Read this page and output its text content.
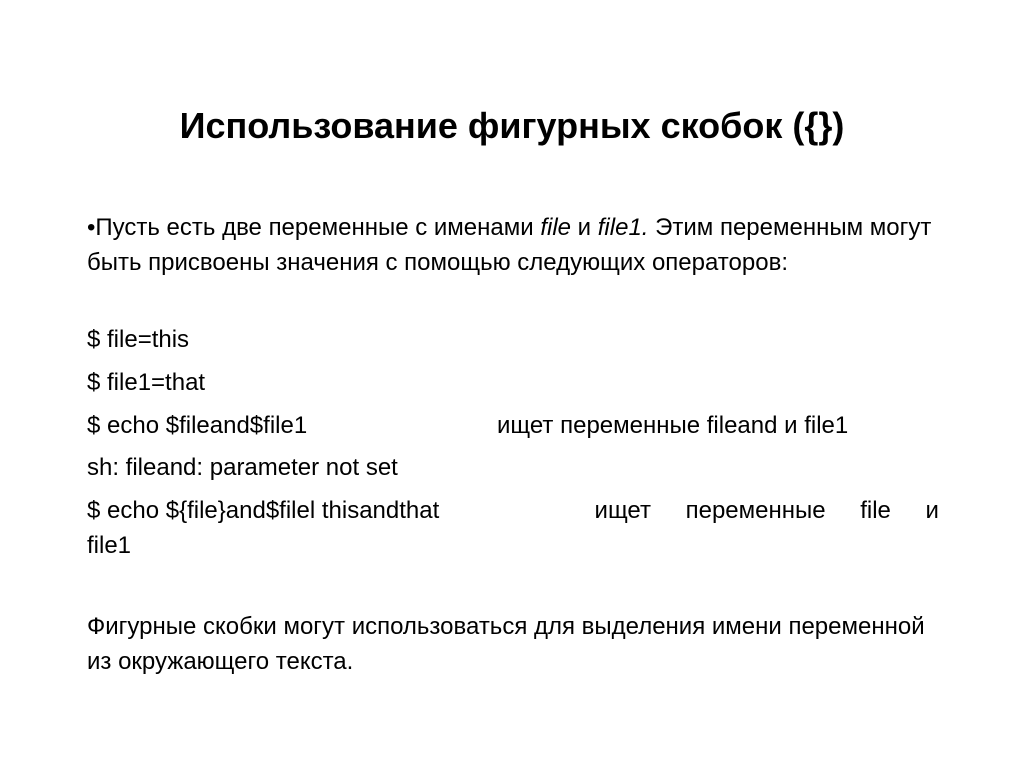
Использование фигурных скобок ({})

•Пусть есть две переменные с именами file и file1. Этим переменным могут быть присвоены значения с помощью следующих операторов:

$ file=this

$ file1=that

$ echo $fileand$file1	ищет переменные fileand и file1

sh: fileand: parameter not set

$ echo ${file}and$filel thisandthat	ищет переменные file и
file1

Фигурные скобки могут использоваться для выделения имени переменной из окружающего текста.
